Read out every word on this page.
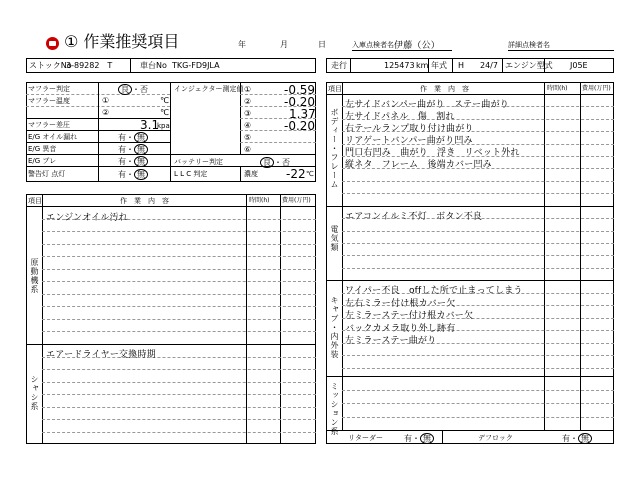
① 作業推奨項目	年	月	日	入庫点検者名 伊藤（公）	詳細点検者名
ストックNo
3-89282　T	車台No TKG-FD9JLA	走行	125473 km 年式 H 24/7 エンジン型式 J05E
マフラー判定	良 ・否
マフラー温度	①	℃
②	℃
マフラー差圧	3.1
kpa
E/G オイル漏れ	有・ 無
E/G 異音	有・ 無
E/G ブレ	有・ 無
警告灯 点灯	有・ 無
インジェクター測定値 ①	-0.59
②	-0.20
③	1.37
④	-0.20
⑤
⑥
バッテリー判定	良 ・否
L L C 判定	濃度 -22 ℃
項目	作　業　内　容	時間(h) 費用(万円)
原動機系
エンジンオイル汚れ
シャシ系
エアードライヤー交換時期
項目	作　業　内　容	時間(h) 費用(万円)
ボディー・フレーム
左サイドバンパー曲がり　ステー曲がり
左サイドパネル　傷　割れ
右テールランプ取り付け曲がり
リアゲートバンパー曲がり凹み
門口右凹み　曲がり　浮き　リベット外れ
縦ネタ　フレーム　後端カバー凹み
電気類
エアコンイルミ不灯　ボタン不良
キャブ・内外装
ワイパー不良　offした所で止まってしまう
左右ミラー付け根カバー欠
左ミラーステー付け根カバー欠
バックカメラ取り外し跡有
左ミラーステー曲がり
ミッション系
リターダー	有・ 無	デフロック	有・ 無
